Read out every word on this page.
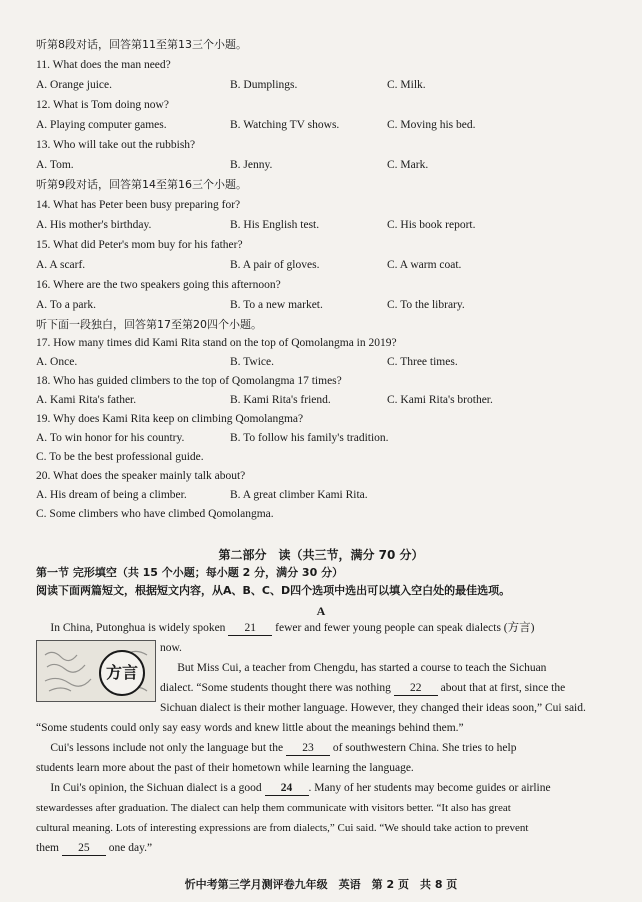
听第8段对话，回答第11至第13三个小题。
11. What does the man need?
A. Orange juice.	B. Dumplings.	C. Milk.
12. What is Tom doing now?
A. Playing computer games.	B. Watching TV shows.	C. Moving his bed.
13. Who will take out the rubbish?
A. Tom.	B. Jenny.	C. Mark.
听第9段对话，回答第14至第16三个小题。
14. What has Peter been busy preparing for?
A. His mother's birthday.	B. His English test.	C. His book report.
15. What did Peter's mom buy for his father?
A. A scarf.	B. A pair of gloves.	C. A warm coat.
16. Where are the two speakers going this afternoon?
A. To a park.	B. To a new market.	C. To the library.
听下面一段独白，回答第17至第20四个小题。
17. How many times did Kami Rita stand on the top of Qomolangma in 2019?
A. Once.	B. Twice.	C. Three times.
18. Who has guided climbers to the top of Qomolangma 17 times?
A. Kami Rita's father.	B. Kami Rita's friend.	C. Kami Rita's brother.
19. Why does Kami Rita keep on climbing Qomolangma?
A. To win honor for his country.	B. To follow his family's tradition.
C. To be the best professional guide.
20. What does the speaker mainly talk about?
A. His dream of being a climber.	B. A great climber Kami Rita.
C. Some climbers who have climbed Qomolangma.
第二部分　读（共三节，满分 70 分）
第一节 完形填空（共 15 个小题；每小题 2 分，满分 30 分）
阅读下面两篇短文，根据短文内容，从A、B、C、D四个选项中选出可以填入空白处的最佳选项。
A
In China, Putonghua is widely spoken 21 fewer and fewer young people can speak dialects (方言)
方言
now.
But Miss Cui, a teacher from Chengdu, has started a course to teach the Sichuan
dialect. “Some students thought there was nothing 22 about that at first, since the
Sichuan dialect is their mother language. However, they changed their ideas soon,” Cui said.
“Some students could only say easy words and knew little about the meanings behind them.”
Cui's lessons include not only the language but the 23 of southwestern China. She tries to help
students learn more about the past of their hometown while learning the language.
In Cui's opinion, the Sichuan dialect is a good 24 . Many of her students may become guides or airline
stewardesses after graduation. The dialect can help them communicate with visitors better. “It also has great
cultural meaning. Lots of interesting expressions are from dialects,” Cui said. “We should take action to prevent
them 25 one day.”
忻中考第三学月测评卷九年级　英语　第 2 页　共 8 页
